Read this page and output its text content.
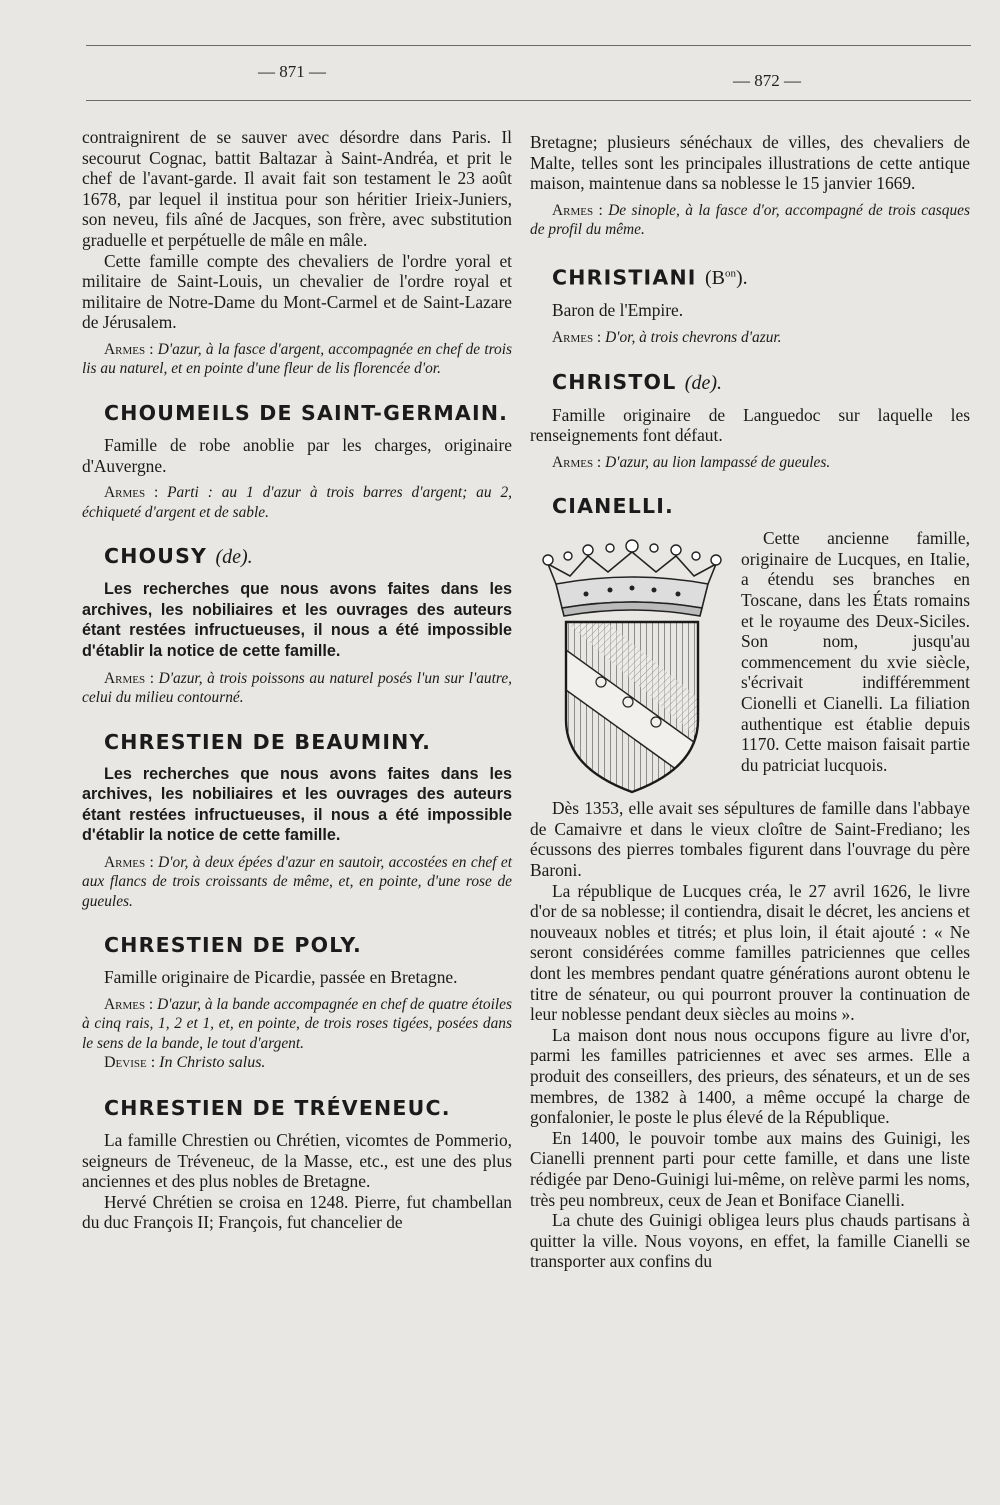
— 871 —	— 872 —

contraignirent de se sauver avec désordre dans Paris. Il secourut Cognac, battit Baltazar à Saint-Andréa, et prit le chef de l'avant-garde. Il avait fait son testament le 23 août 1678, par lequel il institua pour son héritier Irieix-Juniers, son neveu, fils aîné de Jacques, son frère, avec substitution graduelle et perpétuelle de mâle en mâle.

Cette famille compte des chevaliers de l'ordre yoral et militaire de Saint-Louis, un chevalier de l'ordre royal et militaire de Notre-Dame du Mont-Carmel et de Saint-Lazare de Jérusalem.

Armes : D'azur, à la fasce d'argent, accompagnée en chef de trois lis au naturel, et en pointe d'une fleur de lis florencée d'or.

CHOUMEILS DE SAINT-GERMAIN.

Famille de robe anoblie par les charges, originaire d'Auvergne.

Armes : Parti : au 1 d'azur à trois barres d'argent; au 2, échiqueté d'argent et de sable.

CHOUSY (de).

Les recherches que nous avons faites dans les archives, les nobiliaires et les ouvrages des auteurs étant restées infructueuses, il nous a été impossible d'établir la notice de cette famille.

Armes : D'azur, à trois poissons au naturel posés l'un sur l'autre, celui du milieu contourné.

CHRESTIEN DE BEAUMINY.

Les recherches que nous avons faites dans les archives, les nobiliaires et les ouvrages des auteurs étant restées infructueuses, il nous a été impossible d'établir la notice de cette famille.

Armes : D'or, à deux épées d'azur en sautoir, accostées en chef et aux flancs de trois croissants de même, et, en pointe, d'une rose de gueules.

CHRESTIEN DE POLY.

Famille originaire de Picardie, passée en Bretagne.

Armes : D'azur, à la bande accompagnée en chef de quatre étoiles à cinq rais, 1, 2 et 1, et, en pointe, de trois roses tigées, posées dans le sens de la bande, le tout d'argent.

Devise : In Christo salus.

CHRESTIEN DE TRÉVENEUC.

La famille Chrestien ou Chrétien, vicomtes de Pommerio, seigneurs de Tréveneuc, de la Masse, etc., est une des plus anciennes et des plus nobles de Bretagne.

Hervé Chrétien se croisa en 1248. Pierre, fut chambellan du duc François II; François, fut chancelier de

Bretagne; plusieurs sénéchaux de villes, des chevaliers de Malte, telles sont les principales illustrations de cette antique maison, maintenue dans sa noblesse le 15 janvier 1669.

Armes : De sinople, à la fasce d'or, accompagné de trois casques de profil du même.

CHRISTIANI $(B^{on})$.

Baron de l'Empire.

Armes : D'or, à trois chevrons d'azur.

CHRISTOL (de).

Famille originaire de Languedoc sur laquelle les renseignements font défaut.

Armes : D'azur, au lion lampassé de gueules.

CIANELLI.

Cette ancienne famille, originaire de Lucques, en Italie, a étendu ses branches en Toscane, dans les États romains et le royaume des Deux-Siciles. Son nom, jusqu'au commencement du xvie siècle, s'écrivait indifféremment Cionelli et Cianelli. La filiation authentique est établie depuis 1170. Cette maison faisait partie du patriciat lucquois.

Dès 1353, elle avait ses sépultures de famille dans l'abbaye de Camaivre et dans le vieux cloître de Saint-Frediano; les écussons des pierres tombales figurent dans l'ouvrage du père Baroni.

La république de Lucques créa, le 27 avril 1626, le livre d'or de sa noblesse; il contiendra, disait le décret, les anciens et nouveaux nobles et titrés; et plus loin, il était ajouté : « Ne seront considérées comme familles patriciennes que celles dont les membres pendant quatre générations auront obtenu le titre de sénateur, ou qui pourront prouver la continuation de leur noblesse pendant deux siècles au moins ».

La maison dont nous nous occupons figure au livre d'or, parmi les familles patriciennes et avec ses armes. Elle a produit des conseillers, des prieurs, des sénateurs, et un de ses membres, de 1382 à 1400, a même occupé la charge de gonfalonier, le poste le plus élevé de la République.

En 1400, le pouvoir tombe aux mains des Guinigi, les Cianelli prennent parti pour cette famille, et dans une liste rédigée par Deno-Guinigi lui-même, on relève parmi les noms, très peu nombreux, ceux de Jean et Boniface Cianelli.

La chute des Guinigi obligea leurs plus chauds partisans à quitter la ville. Nous voyons, en effet, la famille Cianelli se transporter aux confins du
